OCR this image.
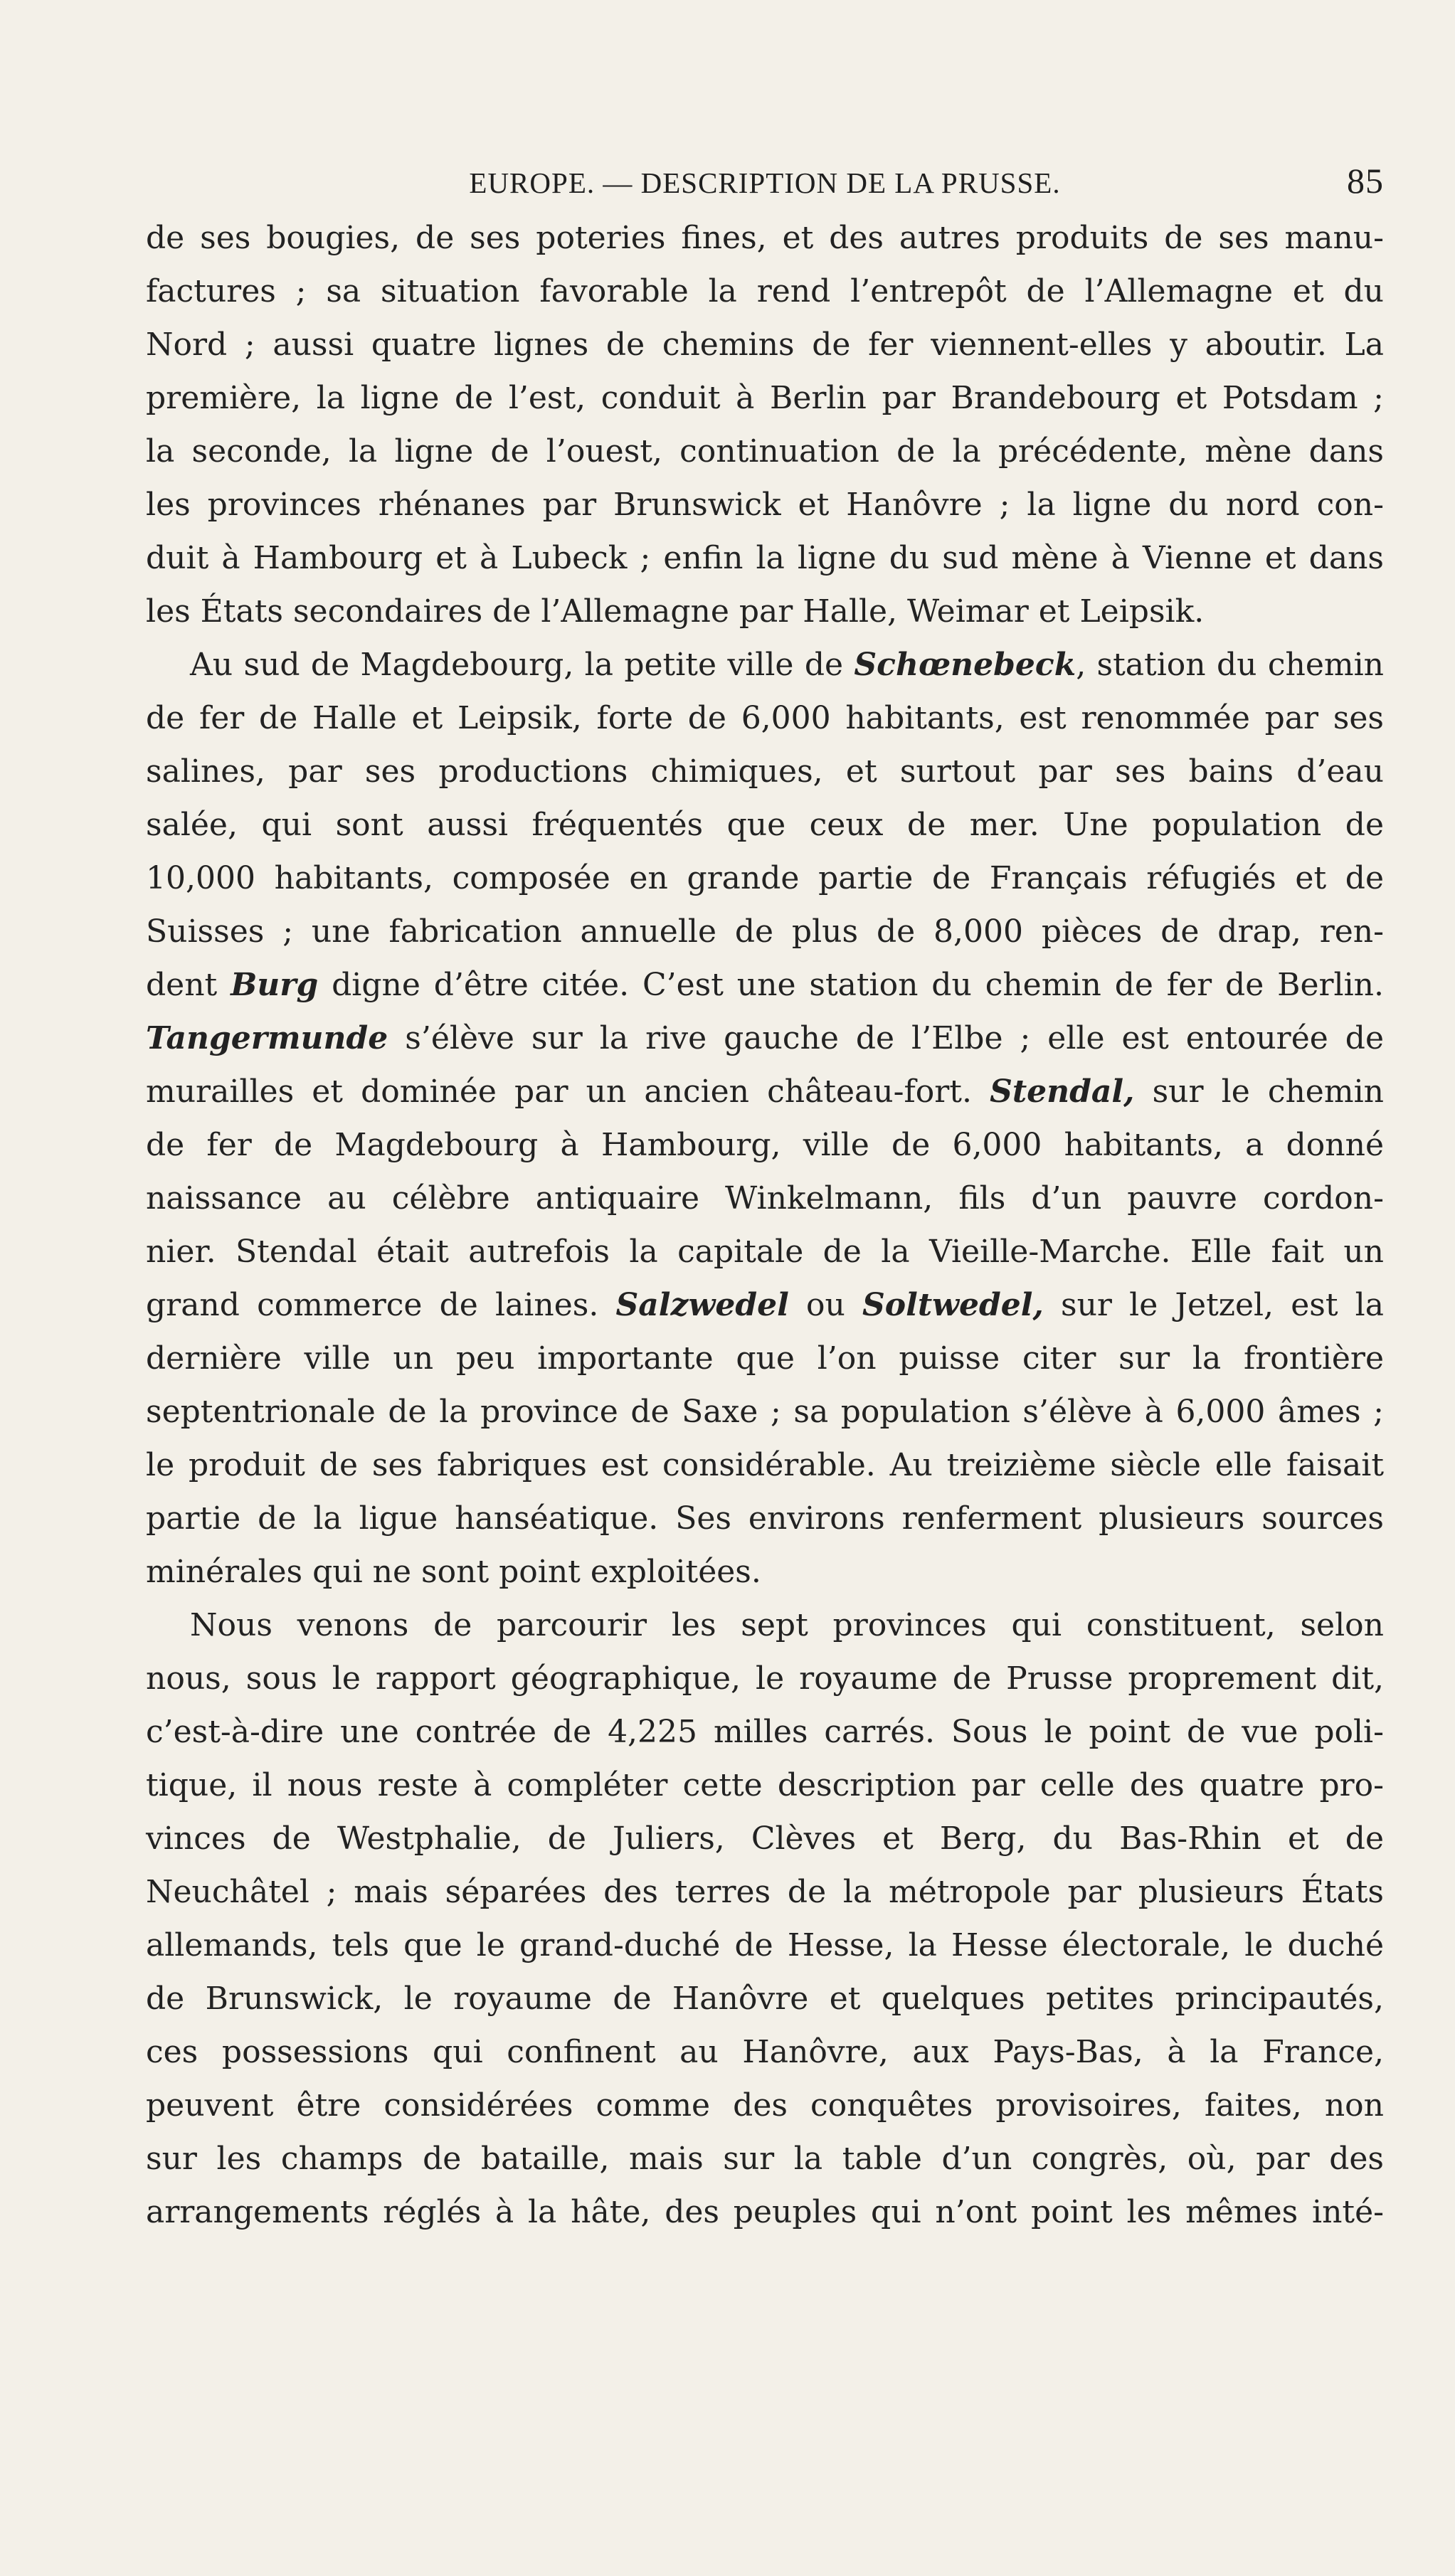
EUROPE. — DESCRIPTION DE LA PRUSSE.	85
de ses bougies, de ses poteries fines, et des autres produits de ses manu-
factures ; sa situation favorable la rend l’entrepôt de l’Allemagne et du
Nord ; aussi quatre lignes de chemins de fer viennent-elles y aboutir. La
première, la ligne de l’est, conduit à Berlin par Brandebourg et Potsdam ;
la seconde, la ligne de l’ouest, continuation de la précédente, mène dans
les provinces rhénanes par Brunswick et Hanôvre ; la ligne du nord con-
duit à Hambourg et à Lubeck ; enfin la ligne du sud mène à Vienne et dans
les États secondaires de l’Allemagne par Halle, Weimar et Leipsik.
Au sud de Magdebourg, la petite ville de Schœnebeck, station du chemin
de fer de Halle et Leipsik, forte de 6,000 habitants, est renommée par ses
salines, par ses productions chimiques, et surtout par ses bains d’eau
salée, qui sont aussi fréquentés que ceux de mer. Une population de
10,000 habitants, composée en grande partie de Français réfugiés et de
Suisses ; une fabrication annuelle de plus de 8,000 pièces de drap, ren-
dent Burg digne d’être citée. C’est une station du chemin de fer de Berlin.
Tangermunde s’élève sur la rive gauche de l’Elbe ; elle est entourée de
murailles et dominée par un ancien château-fort. Stendal, sur le chemin
de fer de Magdebourg à Hambourg, ville de 6,000 habitants, a donné
naissance au célèbre antiquaire Winkelmann, fils d’un pauvre cordon-
nier. Stendal était autrefois la capitale de la Vieille-Marche. Elle fait un
grand commerce de laines. Salzwedel ou Soltwedel, sur le Jetzel, est la
dernière ville un peu importante que l’on puisse citer sur la frontière
septentrionale de la province de Saxe ; sa population s’élève à 6,000 âmes ;
le produit de ses fabriques est considérable. Au treizième siècle elle faisait
partie de la ligue hanséatique. Ses environs renferment plusieurs sources
minérales qui ne sont point exploitées.
Nous venons de parcourir les sept provinces qui constituent, selon
nous, sous le rapport géographique, le royaume de Prusse proprement dit,
c’est-à-dire une contrée de 4,225 milles carrés. Sous le point de vue poli-
tique, il nous reste à compléter cette description par celle des quatre pro-
vinces de Westphalie, de Juliers, Clèves et Berg, du Bas-Rhin et de
Neuchâtel ; mais séparées des terres de la métropole par plusieurs États
allemands, tels que le grand-duché de Hesse, la Hesse électorale, le duché
de Brunswick, le royaume de Hanôvre et quelques petites principautés,
ces possessions qui confinent au Hanôvre, aux Pays-Bas, à la France,
peuvent être considérées comme des conquêtes provisoires, faites, non
sur les champs de bataille, mais sur la table d’un congrès, où, par des
arrangements réglés à la hâte, des peuples qui n’ont point les mêmes inté-
